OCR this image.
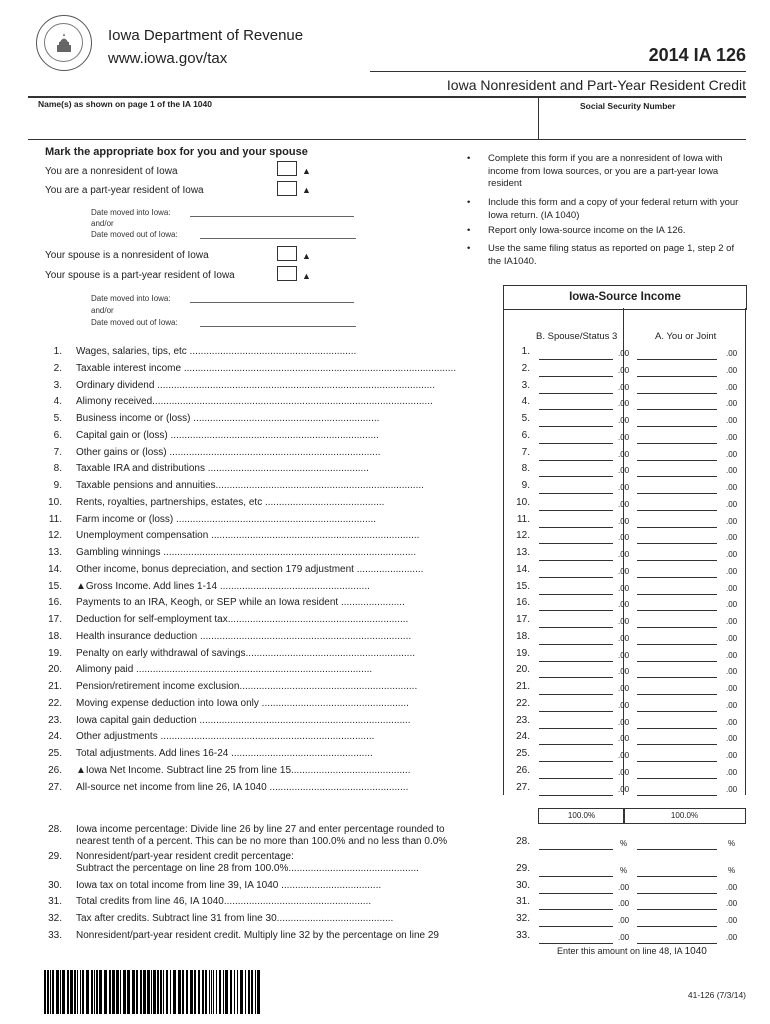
Iowa Department of Revenue
www.iowa.gov/tax	2014 IA 126
Iowa Nonresident and Part-Year Resident Credit
Name(s) as shown on page 1 of the IA 1040	Social Security Number
Mark the appropriate box for you and your spouse
You are a nonresident of Iowa	▲
You are a part-year resident of Iowa	▲
Date moved into Iowa:
and/or
Date moved out of Iowa:
Your spouse is a nonresident of Iowa	▲
Your spouse is a part-year resident of Iowa	▲
Date moved into Iowa:
and/or
Date moved out of Iowa:
• Complete this form if you are a nonresident of Iowa with income from Iowa sources, or you are a part-year Iowa resident
• Include this form and a copy of your federal return with your Iowa return. (IA 1040)
• Report only Iowa-source income on the IA 126.
• Use the same filing status as reported on page 1, step 2 of the IA1040.
Iowa-Source Income
B. Spouse/Status 3	A. You or Joint
1. Wages, salaries, tips, etc ............................................................	1.	.00	.00
2. Taxable interest income ..................................................................................................	2.	.00	.00
3. Ordinary dividend ....................................................................................................	3.	.00	.00
4. Alimony received.....................................................................................................	4.	.00	.00
5. Business income or (loss) ...................................................................	5.	.00	.00
6. Capital gain or (loss) ...........................................................................	6.	.00	.00
7. Other gains or (loss) ............................................................................	7.	.00	.00
8. Taxable IRA and distributions ..........................................................	8.	.00	.00
9. Taxable pensions and annuities...........................................................................	9.	.00	.00
10. Rents, royalties, partnerships, estates, etc ...........................................	10.	.00	.00
11. Farm income or (loss) ........................................................................	11.	.00	.00
12. Unemployment compensation ...........................................................................	12.	.00	.00
13. Gambling winnings ...........................................................................................	13.	.00	.00
14. Other income, bonus depreciation, and section 179 adjustment ........................	14.	.00	.00
15. ▲Gross Income. Add lines 1-14 ......................................................	15.	.00	.00
16. Payments to an IRA, Keogh, or SEP while an Iowa resident .......................	16.	.00	.00
17. Deduction for self-employment tax.................................................................	17.	.00	.00
18. Health insurance deduction ............................................................................	18.	.00	.00
19. Penalty on early withdrawal of savings.............................................................	19.	.00	.00
20. Alimony paid .....................................................................................	20.	.00	.00
21. Pension/retirement income exclusion................................................................	21.	.00	.00
22. Moving expense deduction into Iowa only .....................................................	22.	.00	.00
23. Iowa capital gain deduction ............................................................................	23.	.00	.00
24. Other adjustments .............................................................................	24.	.00	.00
25. Total adjustments. Add lines 16-24 ...................................................	25.	.00	.00
26. ▲Iowa Net Income. Subtract line 25 from line 15...........................................	26.	.00	.00
27. All-source net income from line 26, IA 1040 ..................................................	27.	.00	.00
100.0%	100.0%
28. Iowa income percentage: Divide line 26 by line 27 and enter percentage rounded to
nearest tenth of a percent. This can be no more than 100.0% and no less than 0.0%
Nonresident/part-year resident credit percentage:
29.
Subtract the percentage on line 28 from 100.0%...............................................
30. Iowa tax on total income from line 39, IA 1040 ....................................
31. Total credits from line 46, IA 1040.....................................................
32. Tax after credits. Subtract line 31 from line 30..........................................
33. Nonresident/part-year resident credit. Multiply line 32 by the percentage on line 29
28.	%	%
29.	%	%
30.	.00	.00
31.	.00	.00
32.	.00	.00
33.	.00	.00
Enter this amount on line 48, IA 1040
41-126 (7/3/14)
